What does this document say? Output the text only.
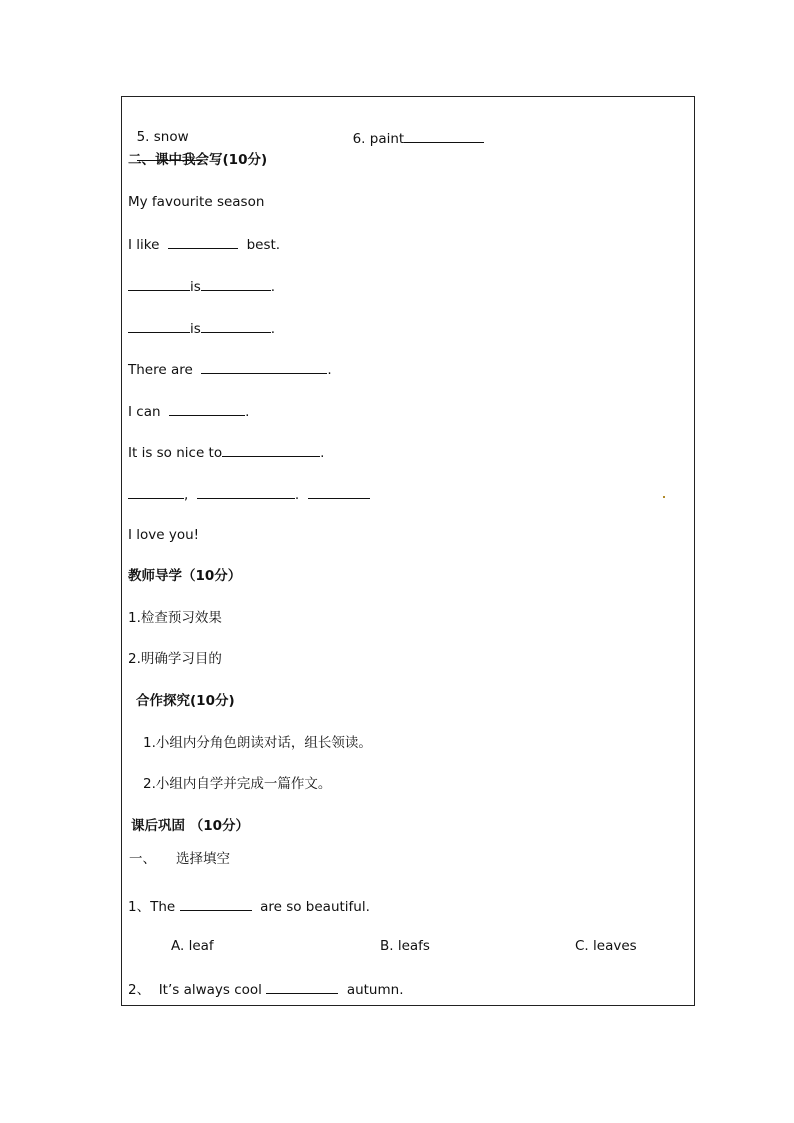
5. snow
	6. paint

二、课中我会写(10分)
My favourite season
I like	best.
is	.
is	.
There are	.
I can	.
It is so nice to	.
,	.
I love you!
教师导学（10分）
1.检查预习效果
2.明确学习目的
合作探究(10分)
1.小组内分角色朗读对话，组长领读。
2.小组内自学并完成一篇作文。
课后巩固 （10分）
一、 选择填空
1、The	are so beautiful.
A. leaf	B. leafs	C. leaves
2、 It’s always cool	autumn.
